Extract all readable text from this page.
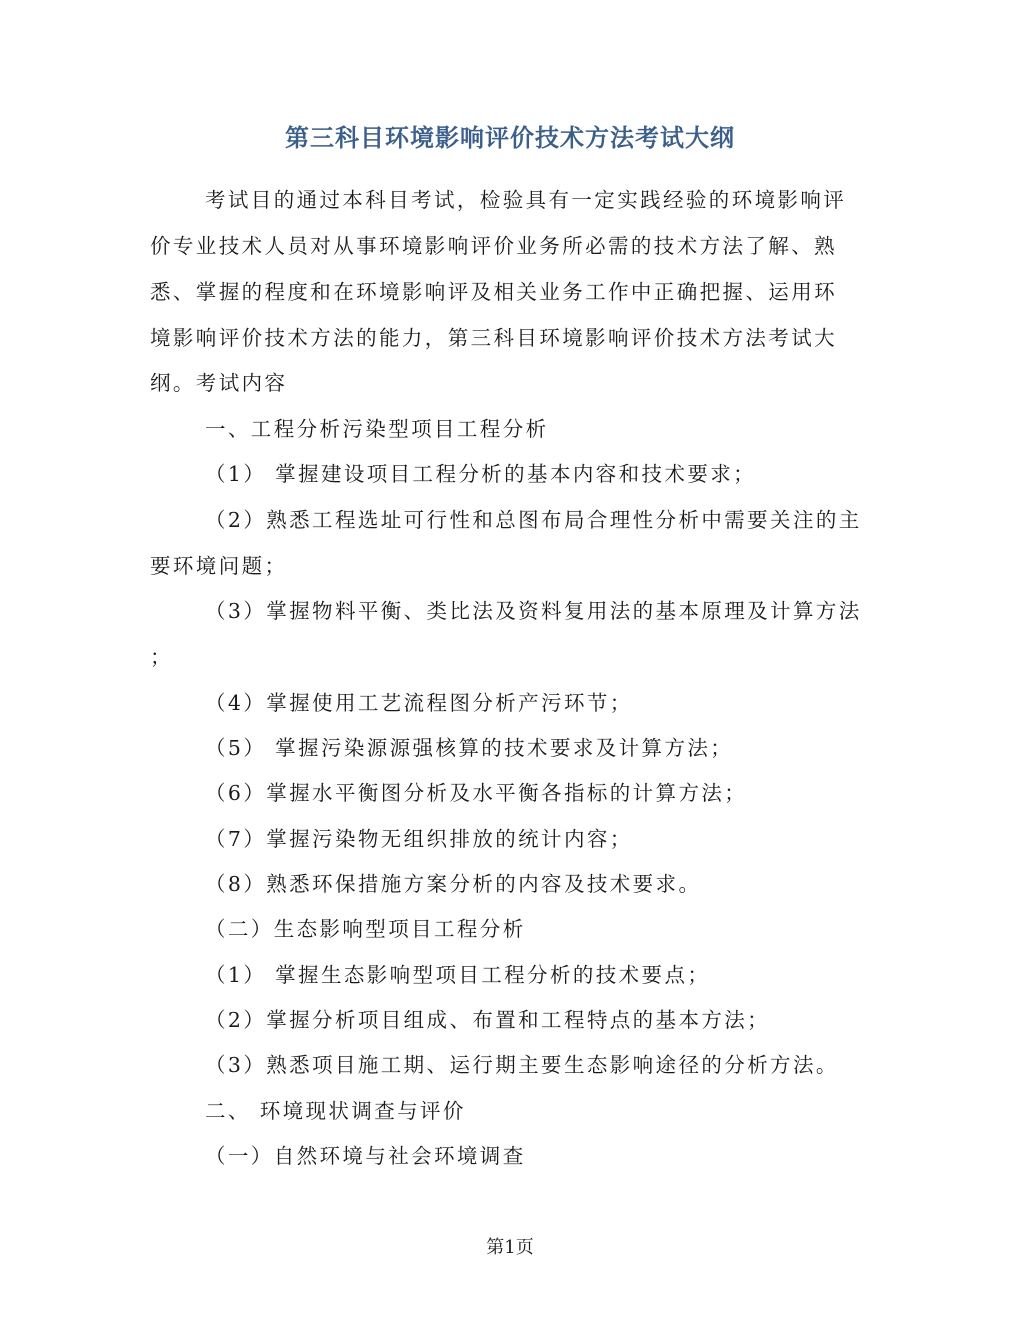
第三科目环境影响评价技术方法考试大纲
考试目的通过本科目考试，检验具有一定实践经验的环境影响评
价专业技术人员对从事环境影响评价业务所必需的技术方法了解、熟
悉、掌握的程度和在环境影响评及相关业务工作中正确把握、运用环
境影响评价技术方法的能力，第三科目环境影响评价技术方法考试大
纲。考试内容
一、工程分析污染型项目工程分析
（1） 掌握建设项目工程分析的基本内容和技术要求；
（2）熟悉工程选址可行性和总图布局合理性分析中需要关注的主
要环境问题；
（3）掌握物料平衡、类比法及资料复用法的基本原理及计算方法
；
（4）掌握使用工艺流程图分析产污环节；
（5） 掌握污染源源强核算的技术要求及计算方法；
（6）掌握水平衡图分析及水平衡各指标的计算方法；
（7）掌握污染物无组织排放的统计内容；
（8）熟悉环保措施方案分析的内容及技术要求。
（二）生态影响型项目工程分析
（1） 掌握生态影响型项目工程分析的技术要点；
（2）掌握分析项目组成、布置和工程特点的基本方法；
（3）熟悉项目施工期、运行期主要生态影响途径的分析方法。
二、 环境现状调查与评价
（一）自然环境与社会环境调查
第1页
